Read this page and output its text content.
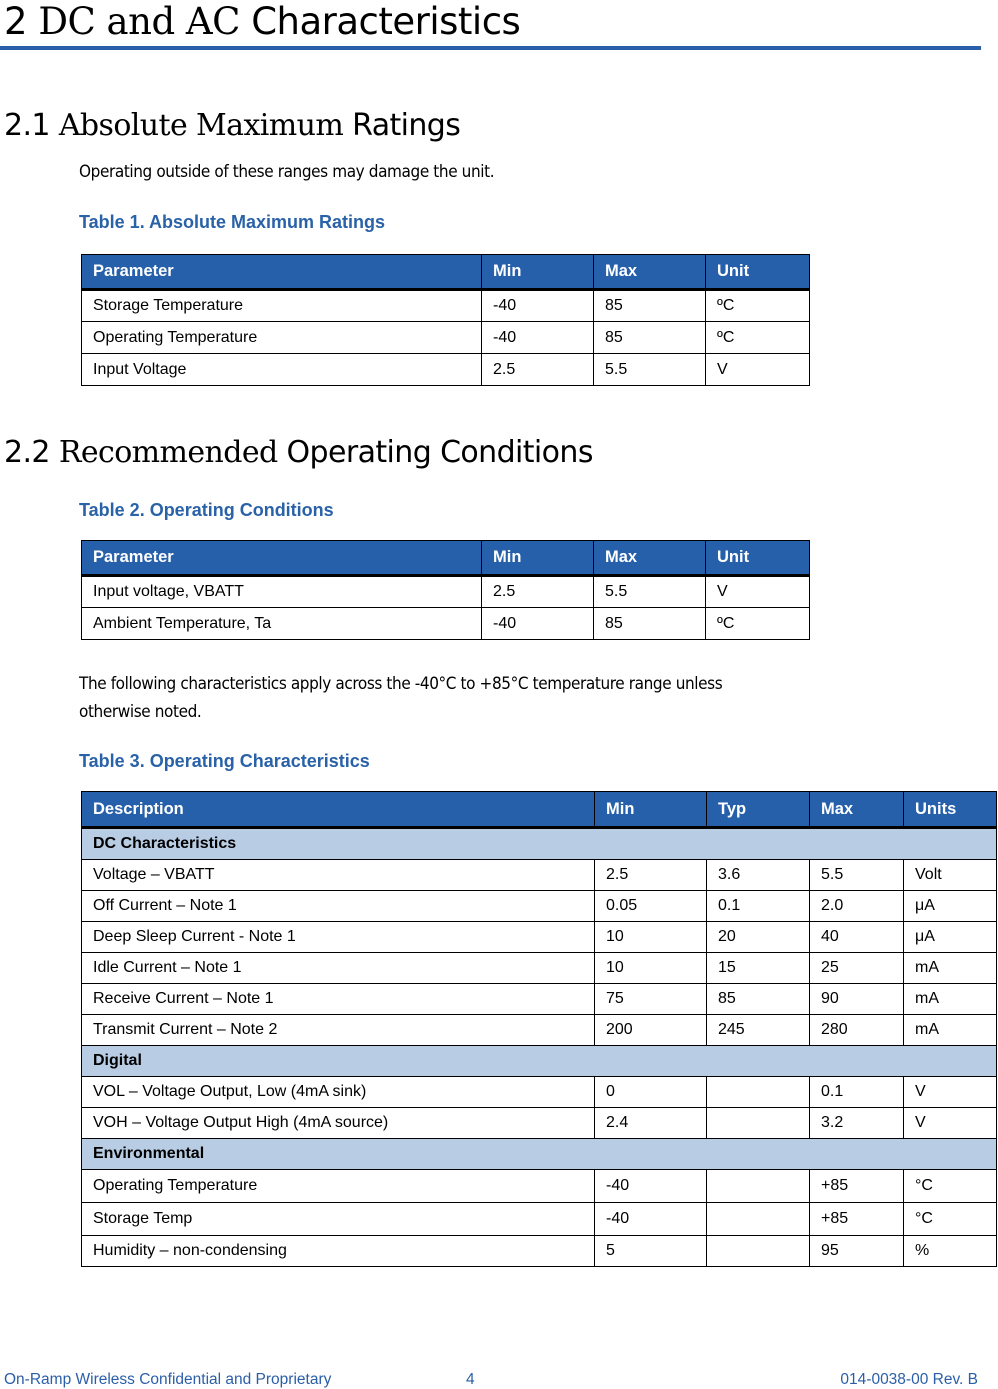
2 DC and AC Characteristics
2.1 Absolute Maximum Ratings
Operating outside of these ranges may damage the unit.
Table 1. Absolute Maximum Ratings
Parameter	Min	Max	Unit
Storage Temperature	-40	85	ºC
Operating Temperature	-40	85	ºC
Input Voltage	2.5	5.5	V
2.2 Recommended Operating Conditions
Table 2. Operating Conditions
Parameter	Min	Max	Unit
Input voltage, VBATT	2.5	5.5	V
Ambient Temperature, Ta	-40	85	ºC
The following characteristics apply across the -40°C to +85°C temperature range unless
otherwise noted.
Table 3. Operating Characteristics
Description	Min	Typ	Max	Units
DC Characteristics				
Voltage – VBATT	2.5	3.6	5.5	Volt
Off Current – Note 1	0.05	0.1	2.0	μA
Deep Sleep Current - Note 1	10	20	40	μA
Idle Current – Note 1	10	15	25	mA
Receive Current – Note 1	75	85	90	mA
Transmit Current – Note 2	200	245	280	mA
Digital				
VOL – Voltage Output, Low (4mA sink)	0		0.1	V
VOH – Voltage Output High (4mA source)	2.4		3.2	V
Environmental				
Operating Temperature	-40		+85	°C
Storage Temp	-40		+85	°C
Humidity – non-condensing	5		95	%
On-Ramp Wireless Confidential and Proprietary	4	014-0038-00 Rev. B
